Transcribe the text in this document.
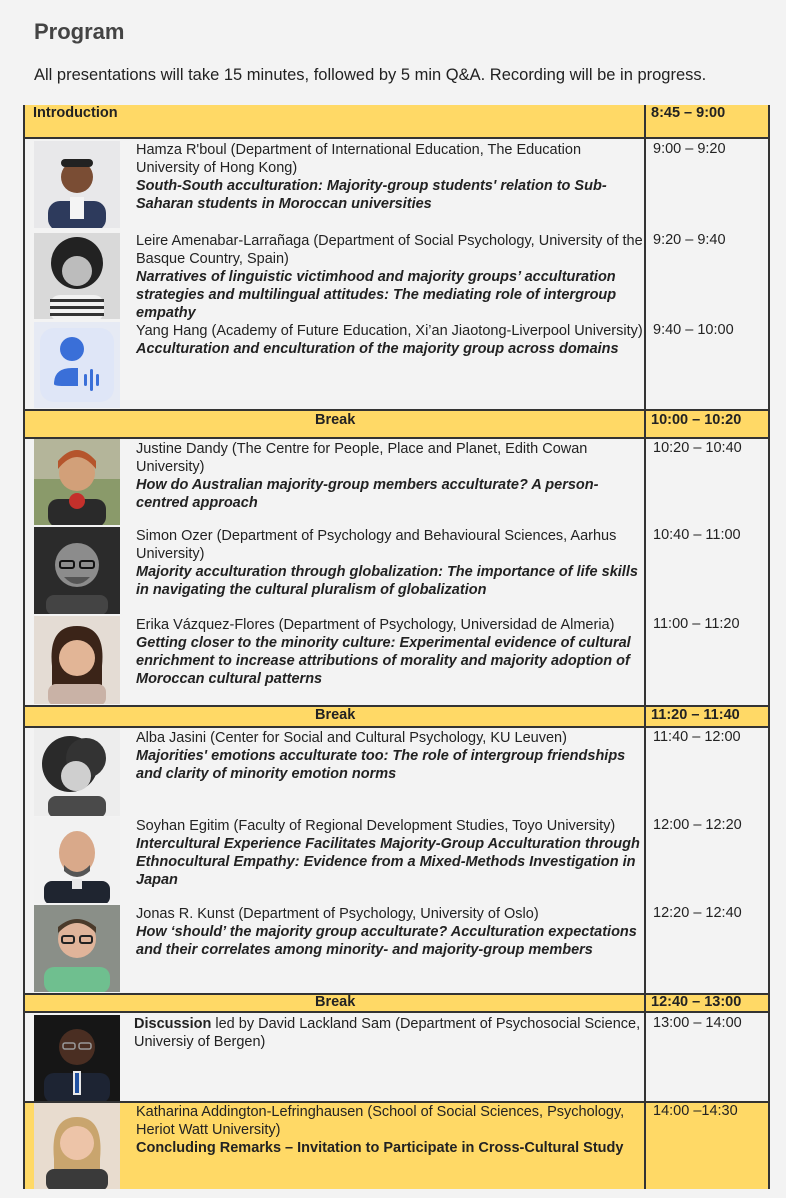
Program
All presentations will take 15 minutes, followed by 5 min Q&A. Recording will be in progress.
Introduction	8:45 – 9:00
Hamza R'boul (Department of International Education, The Education University of Hong Kong)
South-South acculturation: Majority-group students' relation to Sub-Saharan students in Moroccan universities
9:00 – 9:20
Leire Amenabar-Larrañaga (Department of Social Psychology, University of the Basque Country, Spain)
Narratives of linguistic victimhood and majority groups’ acculturation strategies and multilingual attitudes: The mediating role of intergroup empathy
9:20 – 9:40
Yang Hang (Academy of Future Education, Xi’an Jiaotong-Liverpool University)
Acculturation and enculturation of the majority group across domains
9:40 – 10:00
Break	10:00 – 10:20
Justine Dandy (The Centre for People, Place and Planet, Edith Cowan University)
How do Australian majority-group members acculturate? A person-centred approach
10:20 – 10:40
Simon Ozer (Department of Psychology and Behavioural Sciences, Aarhus University)
Majority acculturation through globalization: The importance of life skills in navigating the cultural pluralism of globalization
10:40 – 11:00
Erika Vázquez-Flores (Department of Psychology, Universidad de Almeria)
Getting closer to the minority culture: Experimental evidence of cultural enrichment to increase attributions of morality and majority adoption of Moroccan cultural patterns
11:00 – 11:20
Break	11:20 – 11:40
Alba Jasini (Center for Social and Cultural Psychology, KU Leuven)
Majorities' emotions acculturate too: The role of intergroup friendships and clarity of minority emotion norms
11:40 – 12:00
Soyhan Egitim (Faculty of Regional Development Studies, Toyo University)
Intercultural Experience Facilitates Majority-Group Acculturation through Ethnocultural Empathy: Evidence from a Mixed-Methods Investigation in Japan
12:00 – 12:20
Jonas R. Kunst (Department of Psychology, University of Oslo)
How ‘should’ the majority group acculturate? Acculturation expectations and their correlates among minority- and majority-group members
12:20 – 12:40
Break	12:40 – 13:00
Discussion led by David Lackland Sam (Department of Psychosocial Science, Universiy of Bergen)
13:00 – 14:00
Katharina Addington-Lefringhausen (School of Social Sciences, Psychology, Heriot Watt University)
Concluding Remarks – Invitation to Participate in Cross-Cultural Study
14:00 –14:30
